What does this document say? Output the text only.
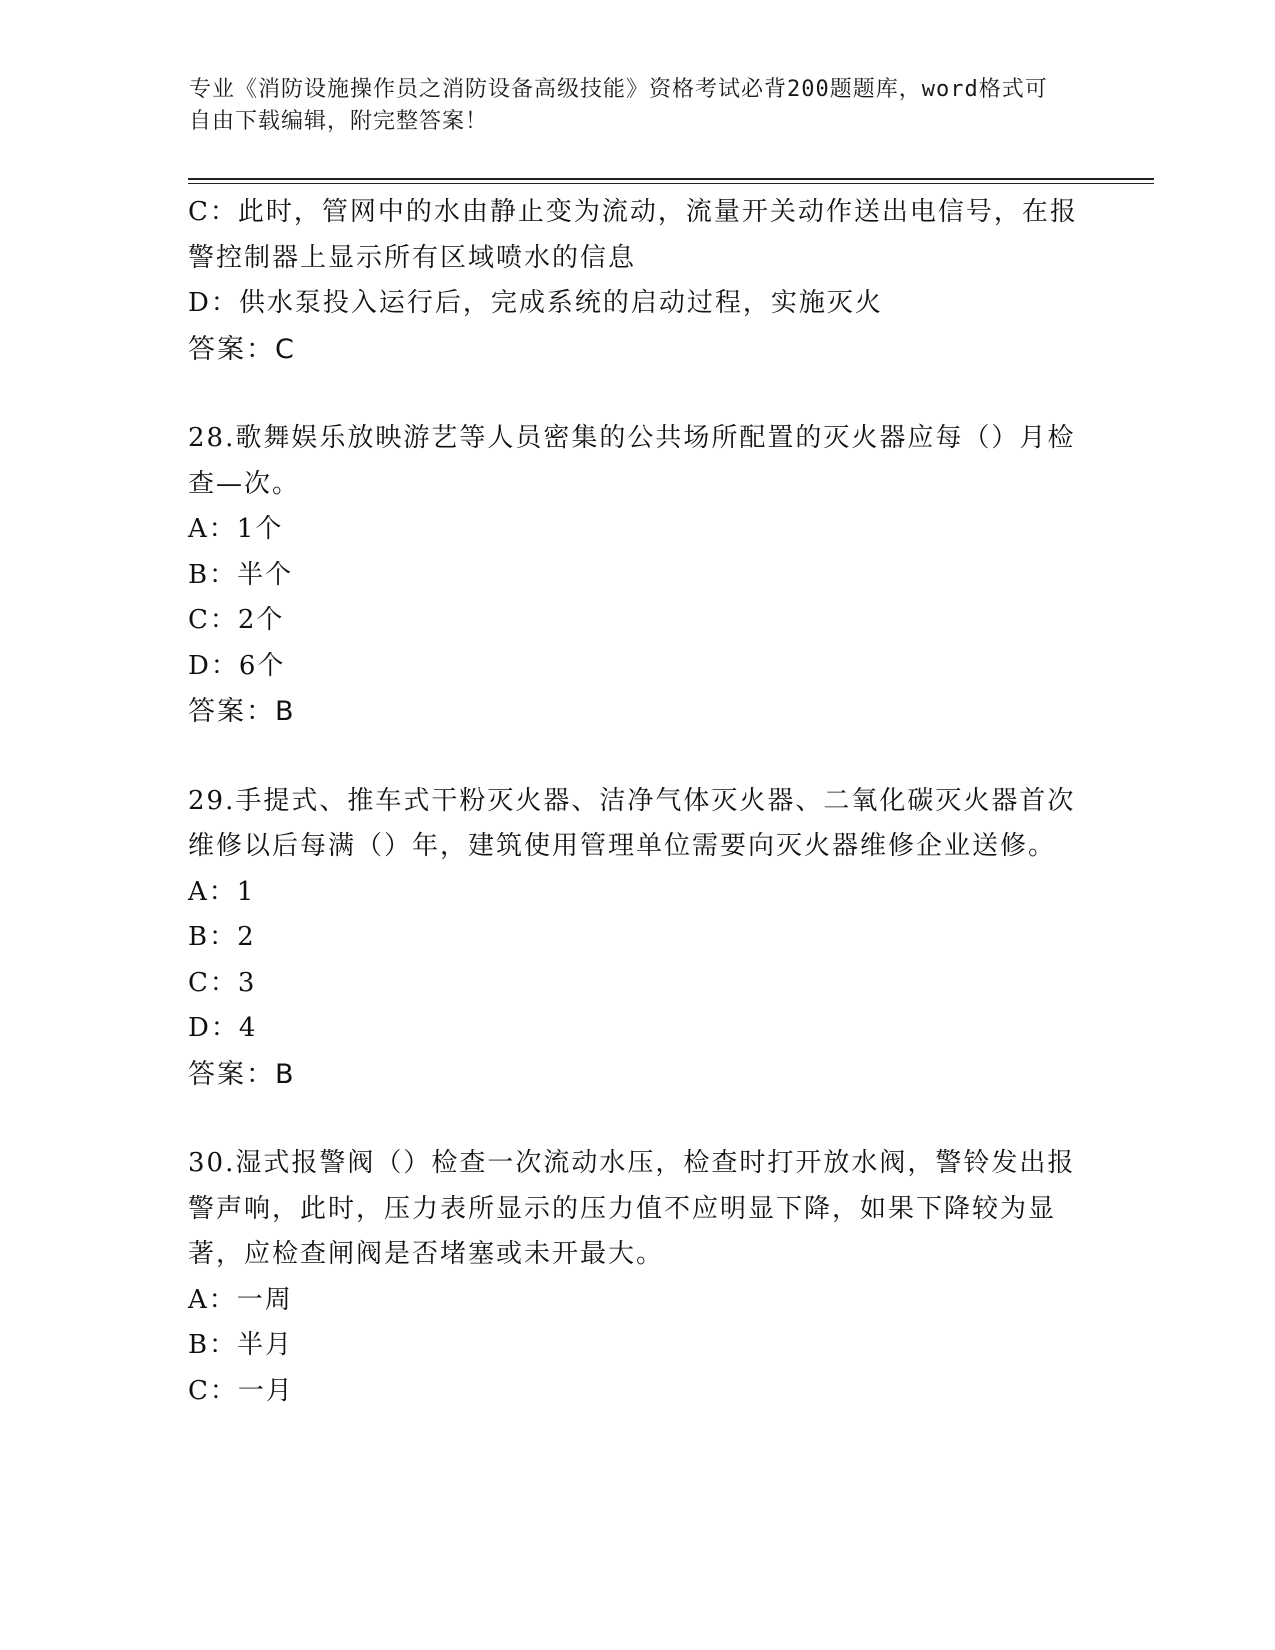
专业《消防设施操作员之消防设备高级技能》资格考试必背200题题库，word格式可自由下载编辑，附完整答案！
C：此时，管网中的水由静止变为流动，流量开关动作送出电信号，在报警控制器上显示所有区域喷水的信息
D：供水泵投入运行后，完成系统的启动过程，实施灭火
答案：C
28.歌舞娱乐放映游艺等人员密集的公共场所配置的灭火器应每（）月检查—次。
A：1个
B：半个
C：2个
D：6个
答案：B
29.手提式、推车式干粉灭火器、洁净气体灭火器、二氧化碳灭火器首次维修以后每满（）年，建筑使用管理单位需要向灭火器维修企业送修。
A：1
B：2
C：3
D：4
答案：B
30.湿式报警阀（）检查一次流动水压，检查时打开放水阀，警铃发出报警声响，此时，压力表所显示的压力值不应明显下降，如果下降较为显著，应检查闸阀是否堵塞或未开最大。
A：一周
B：半月
C：一月
